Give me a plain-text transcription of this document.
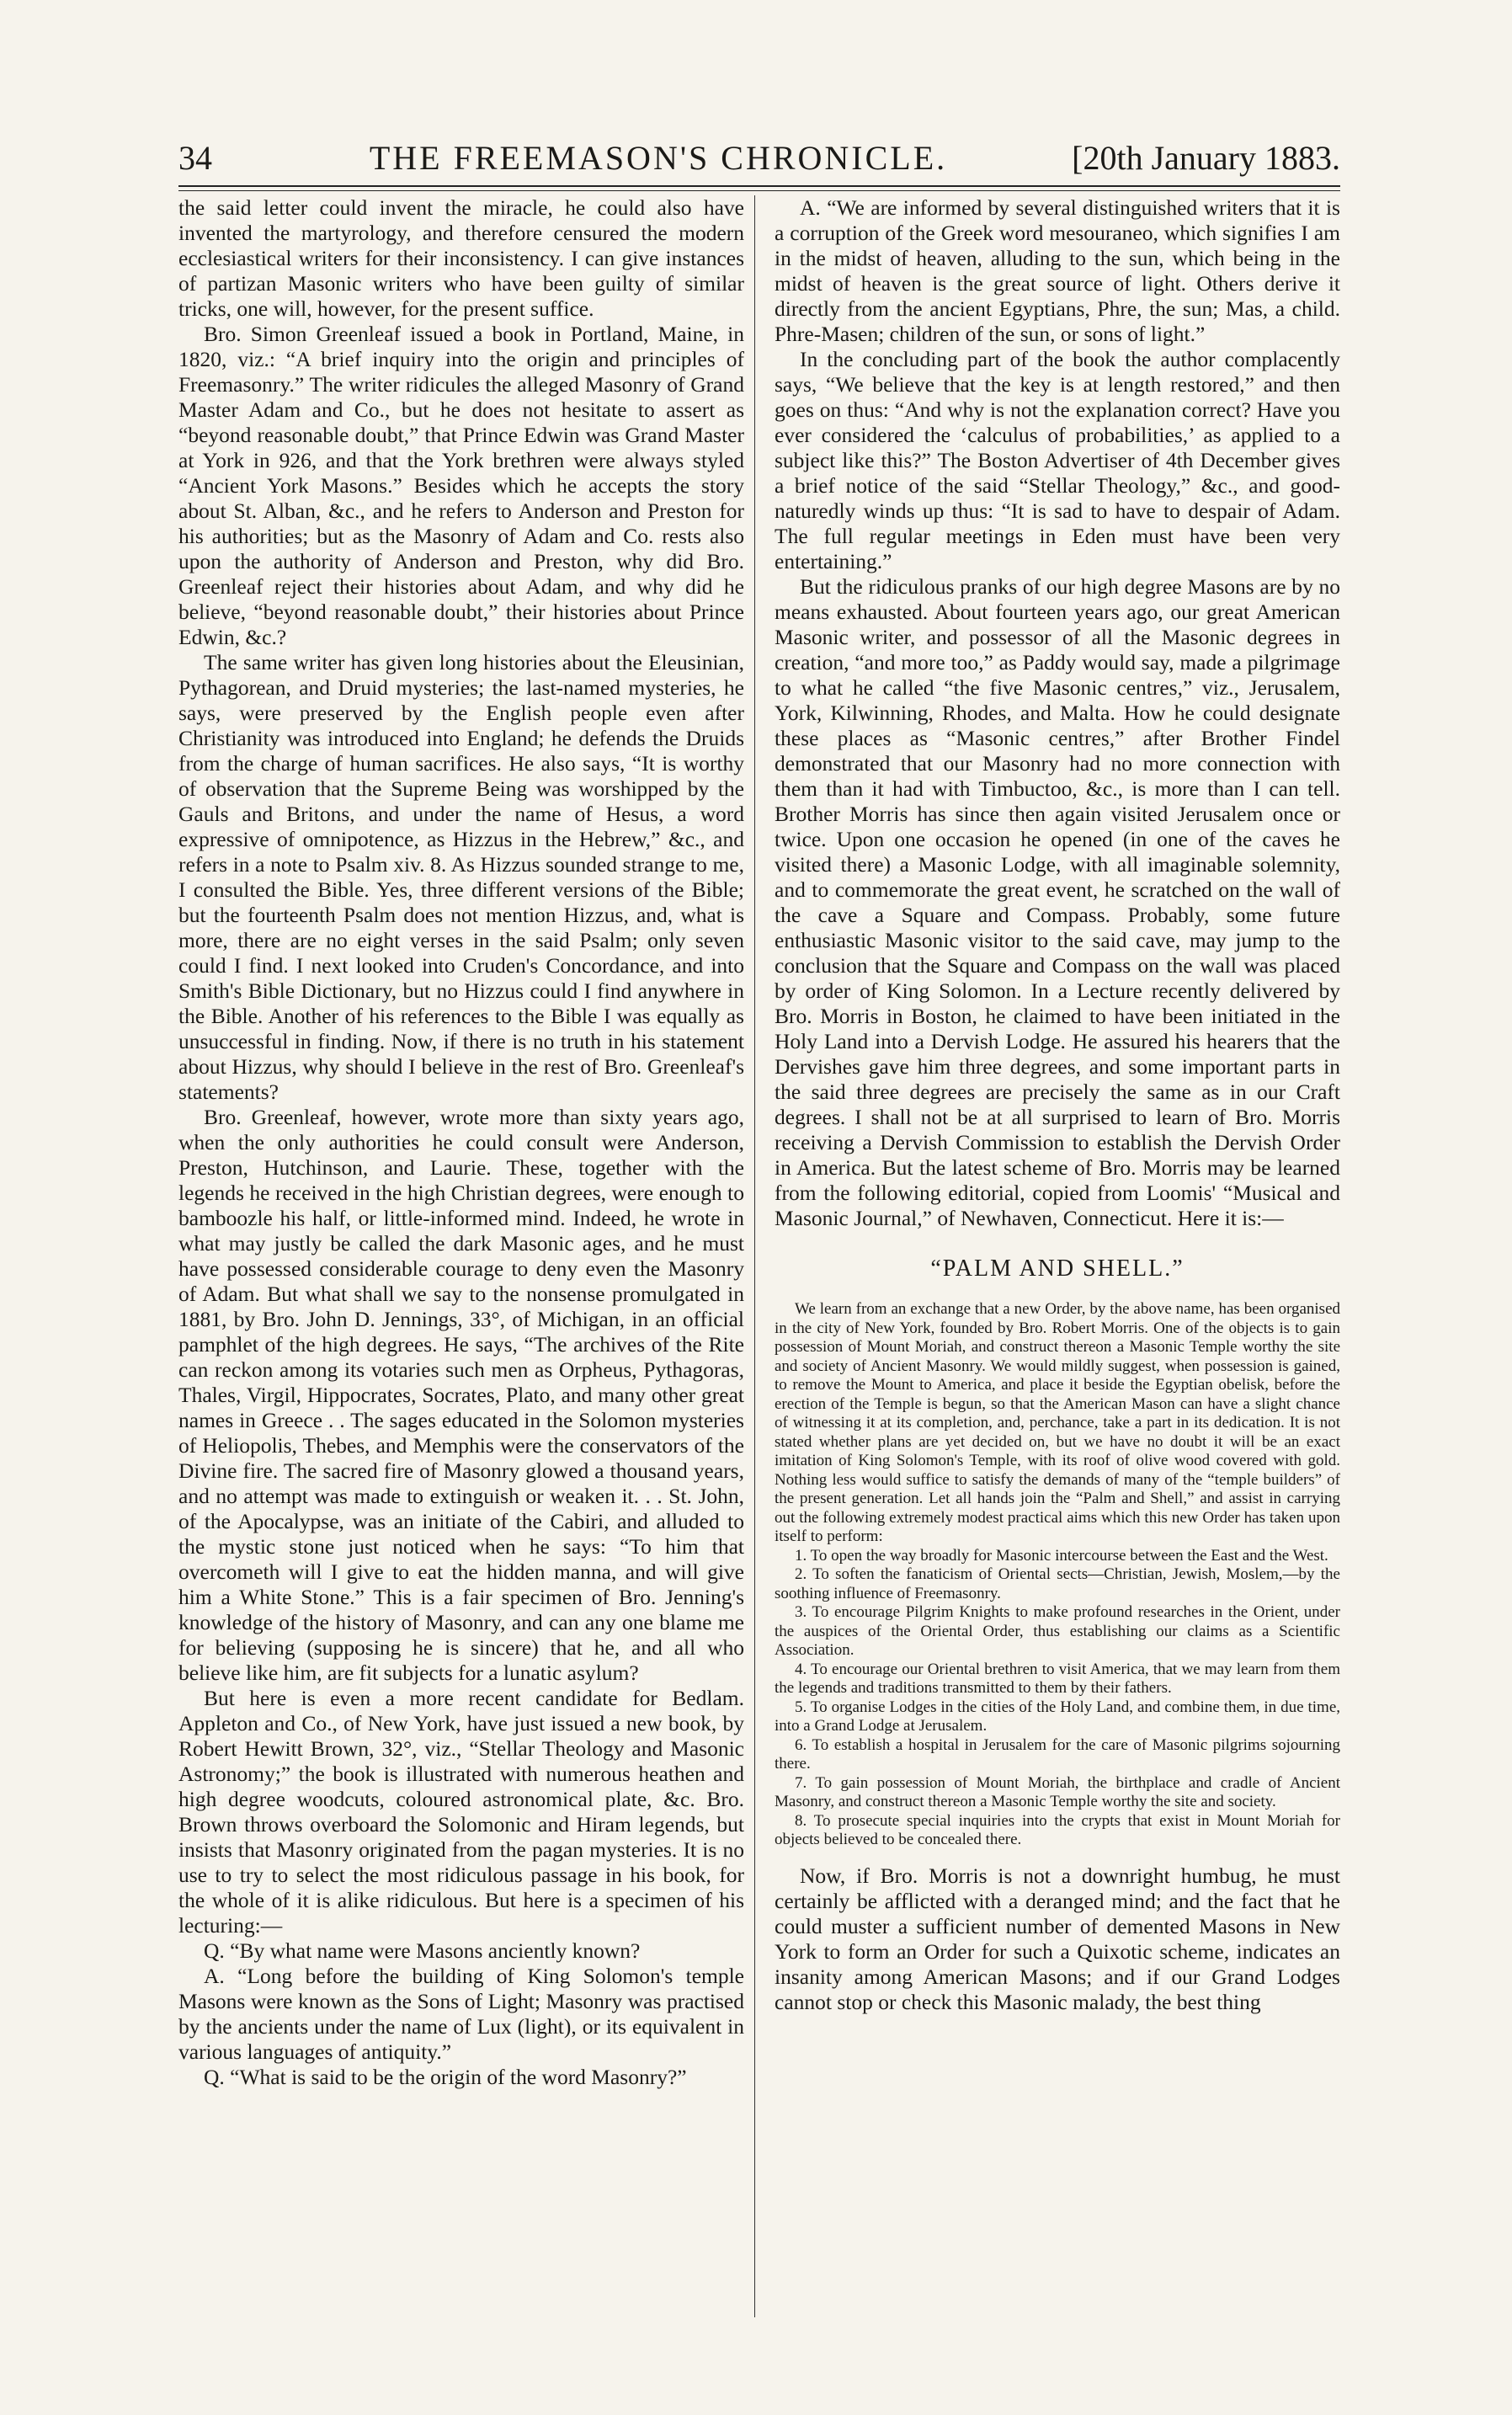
34	THE FREEMASON'S CHRONICLE.	[20th January 1883.

the said letter could invent the miracle, he could also have invented the martyrology, and therefore censured the modern ecclesiastical writers for their inconsistency. I can give instances of partizan Masonic writers who have been guilty of similar tricks, one will, however, for the present suffice.

Bro. Simon Greenleaf issued a book in Portland, Maine, in 1820, viz.: “A brief inquiry into the origin and principles of Freemasonry.” The writer ridicules the alleged Masonry of Grand Master Adam and Co., but he does not hesitate to assert as “beyond reasonable doubt,” that Prince Edwin was Grand Master at York in 926, and that the York brethren were always styled “Ancient York Masons.” Besides which he accepts the story about St. Alban, &c., and he refers to Anderson and Preston for his authorities; but as the Masonry of Adam and Co. rests also upon the authority of Anderson and Preston, why did Bro. Greenleaf reject their histories about Adam, and why did he believe, “beyond reasonable doubt,” their histories about Prince Edwin, &c.?

The same writer has given long histories about the Eleusinian, Pythagorean, and Druid mysteries; the last-named mysteries, he says, were preserved by the English people even after Christianity was introduced into England; he defends the Druids from the charge of human sacrifices. He also says, “It is worthy of observation that the Supreme Being was worshipped by the Gauls and Britons, and under the name of Hesus, a word expressive of omnipotence, as Hizzus in the Hebrew,” &c., and refers in a note to Psalm xiv. 8. As Hizzus sounded strange to me, I consulted the Bible. Yes, three different versions of the Bible; but the fourteenth Psalm does not mention Hizzus, and, what is more, there are no eight verses in the said Psalm; only seven could I find. I next looked into Cruden's Concordance, and into Smith's Bible Dictionary, but no Hizzus could I find anywhere in the Bible. Another of his references to the Bible I was equally as unsuccessful in finding. Now, if there is no truth in his statement about Hizzus, why should I believe in the rest of Bro. Greenleaf's statements?

Bro. Greenleaf, however, wrote more than sixty years ago, when the only authorities he could consult were Anderson, Preston, Hutchinson, and Laurie. These, together with the legends he received in the high Christian degrees, were enough to bamboozle his half, or little-informed mind. Indeed, he wrote in what may justly be called the dark Masonic ages, and he must have possessed considerable courage to deny even the Masonry of Adam. But what shall we say to the nonsense promulgated in 1881, by Bro. John D. Jennings, 33°, of Michigan, in an official pamphlet of the high degrees. He says, “The archives of the Rite can reckon among its votaries such men as Orpheus, Pythagoras, Thales, Virgil, Hippocrates, Socrates, Plato, and many other great names in Greece . . The sages educated in the Solomon mysteries of Heliopolis, Thebes, and Memphis were the conservators of the Divine fire. The sacred fire of Masonry glowed a thousand years, and no attempt was made to extinguish or weaken it. . . St. John, of the Apocalypse, was an initiate of the Cabiri, and alluded to the mystic stone just noticed when he says: “To him that overcometh will I give to eat the hidden manna, and will give him a White Stone.” This is a fair specimen of Bro. Jenning's knowledge of the history of Masonry, and can any one blame me for believing (supposing he is sincere) that he, and all who believe like him, are fit subjects for a lunatic asylum?

But here is even a more recent candidate for Bedlam. Appleton and Co., of New York, have just issued a new book, by Robert Hewitt Brown, 32°, viz., “Stellar Theology and Masonic Astronomy;” the book is illustrated with numerous heathen and high degree woodcuts, coloured astronomical plate, &c. Bro. Brown throws overboard the Solomonic and Hiram legends, but insists that Masonry originated from the pagan mysteries. It is no use to try to select the most ridiculous passage in his book, for the whole of it is alike ridiculous. But here is a specimen of his lecturing:—

Q. “By what name were Masons anciently known?

A. “Long before the building of King Solomon's temple Masons were known as the Sons of Light; Masonry was practised by the ancients under the name of Lux (light), or its equivalent in various languages of antiquity.”

Q. “What is said to be the origin of the word Masonry?”

A. “We are informed by several distinguished writers that it is a corruption of the Greek word mesouraneo, which signifies I am in the midst of heaven, alluding to the sun, which being in the midst of heaven is the great source of light. Others derive it directly from the ancient Egyptians, Phre, the sun; Mas, a child. Phre-Masen; children of the sun, or sons of light.”

In the concluding part of the book the author complacently says, “We believe that the key is at length restored,” and then goes on thus: “And why is not the explanation correct? Have you ever considered the ‘calculus of probabilities,’ as applied to a subject like this?” The Boston Advertiser of 4th December gives a brief notice of the said “Stellar Theology,” &c., and good-naturedly winds up thus: “It is sad to have to despair of Adam. The full regular meetings in Eden must have been very entertaining.”

But the ridiculous pranks of our high degree Masons are by no means exhausted. About fourteen years ago, our great American Masonic writer, and possessor of all the Masonic degrees in creation, “and more too,” as Paddy would say, made a pilgrimage to what he called “the five Masonic centres,” viz., Jerusalem, York, Kilwinning, Rhodes, and Malta. How he could designate these places as “Masonic centres,” after Brother Findel demonstrated that our Masonry had no more connection with them than it had with Timbuctoo, &c., is more than I can tell. Brother Morris has since then again visited Jerusalem once or twice. Upon one occasion he opened (in one of the caves he visited there) a Masonic Lodge, with all imaginable solemnity, and to commemorate the great event, he scratched on the wall of the cave a Square and Compass. Probably, some future enthusiastic Masonic visitor to the said cave, may jump to the conclusion that the Square and Compass on the wall was placed by order of King Solomon. In a Lecture recently delivered by Bro. Morris in Boston, he claimed to have been initiated in the Holy Land into a Dervish Lodge. He assured his hearers that the Dervishes gave him three degrees, and some important parts in the said three degrees are precisely the same as in our Craft degrees. I shall not be at all surprised to learn of Bro. Morris receiving a Dervish Commission to establish the Dervish Order in America. But the latest scheme of Bro. Morris may be learned from the following editorial, copied from Loomis' “Musical and Masonic Journal,” of Newhaven, Connecticut. Here it is:—

“PALM AND SHELL.”

We learn from an exchange that a new Order, by the above name, has been organised in the city of New York, founded by Bro. Robert Morris. One of the objects is to gain possession of Mount Moriah, and construct thereon a Masonic Temple worthy the site and society of Ancient Masonry. We would mildly suggest, when possession is gained, to remove the Mount to America, and place it beside the Egyptian obelisk, before the erection of the Temple is begun, so that the American Mason can have a slight chance of witnessing it at its completion, and, perchance, take a part in its dedication. It is not stated whether plans are yet decided on, but we have no doubt it will be an exact imitation of King Solomon's Temple, with its roof of olive wood covered with gold. Nothing less would suffice to satisfy the demands of many of the “temple builders” of the present generation. Let all hands join the “Palm and Shell,” and assist in carrying out the following extremely modest practical aims which this new Order has taken upon itself to perform:

1. To open the way broadly for Masonic intercourse between the East and the West.

2. To soften the fanaticism of Oriental sects—Christian, Jewish, Moslem,—by the soothing influence of Freemasonry.

3. To encourage Pilgrim Knights to make profound researches in the Orient, under the auspices of the Oriental Order, thus establishing our claims as a Scientific Association.

4. To encourage our Oriental brethren to visit America, that we may learn from them the legends and traditions transmitted to them by their fathers.

5. To organise Lodges in the cities of the Holy Land, and combine them, in due time, into a Grand Lodge at Jerusalem.

6. To establish a hospital in Jerusalem for the care of Masonic pilgrims sojourning there.

7. To gain possession of Mount Moriah, the birthplace and cradle of Ancient Masonry, and construct thereon a Masonic Temple worthy the site and society.

8. To prosecute special inquiries into the crypts that exist in Mount Moriah for objects believed to be concealed there.

Now, if Bro. Morris is not a downright humbug, he must certainly be afflicted with a deranged mind; and the fact that he could muster a sufficient number of demented Masons in New York to form an Order for such a Quixotic scheme, indicates an insanity among American Masons; and if our Grand Lodges cannot stop or check this Masonic malady, the best thing
